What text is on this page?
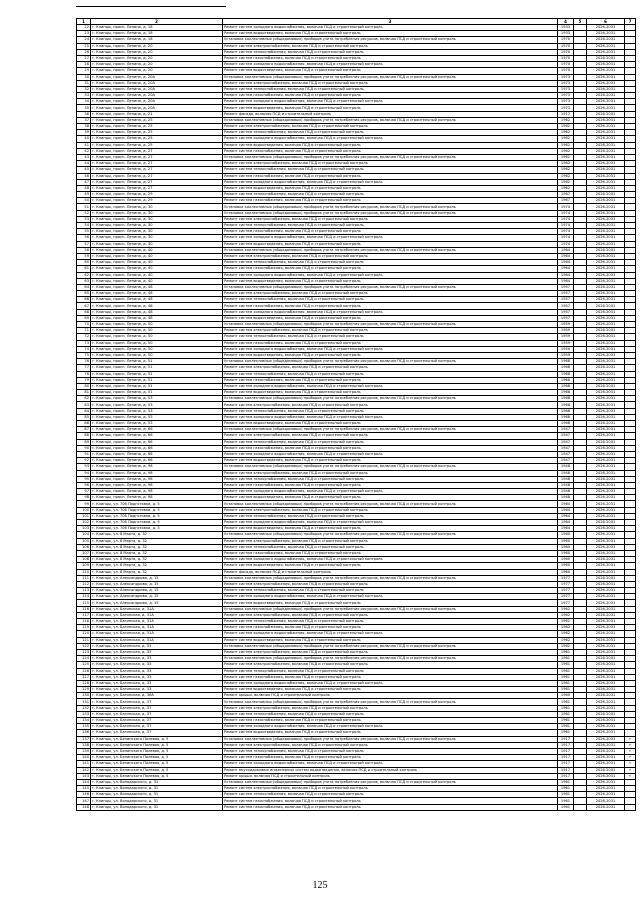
1	2	3	4	5	6	7
22	г. Клинцы, просп. Ленина, д. 18	Ремонт систем холодного водоснабжения, включая ПСД и строительный контроль	1933		2026-2031	
23	г. Клинцы, просп. Ленина, д. 18	Ремонт систем водоотведения, включая ПСД и строительный контроль	1933		2026-2031	
24	г. Клинцы, просп. Ленина, д. 18	Установка коллективных (общедомовых) приборов учета потребления ресурсов, включая ПСД и строительный контроль	1970		2026-2031	
25	г. Клинцы, просп. Ленина, д. 20	Ремонт систем электроснабжения, включая ПСД и строительный контроль	1970		2026-2031	
26	г. Клинцы, просп. Ленина, д. 20	Ремонт систем теплоснабжения, включая ПСД и строительный контроль	1970		2026-2031	
27	г. Клинцы, просп. Ленина, д. 20	Ремонт систем газоснабжения, включая ПСД и строительный контроль	1970		2026-2031	
28	г. Клинцы, просп. Ленина, д. 20	Ремонт систем холодного водоснабжения, включая ПСД и строительный контроль	1970		2026-2031	
29	г. Клинцы, просп. Ленина, д. 20	Ремонт систем водоотведения, включая ПСД и строительный контроль	1970		2026-2031	
30	г. Клинцы, просп. Ленина, д. 20А	Установка коллективных (общедомовых) приборов учета потребления ресурсов, включая ПСД и строительный контроль	1973		2026-2031	
31	г. Клинцы, просп. Ленина, д. 20А	Ремонт систем электроснабжения, включая ПСД и строительный контроль	1973		2026-2031	
32	г. Клинцы, просп. Ленина, д. 20А	Ремонт систем теплоснабжения, включая ПСД и строительный контроль	1973		2026-2031	
33	г. Клинцы, просп. Ленина, д. 20А	Ремонт систем газоснабжения, включая ПСД и строительный контроль	1973		2026-2031	
34	г. Клинцы, просп. Ленина, д. 20А	Ремонт систем холодного водоснабжения, включая ПСД и строительный контроль	1973		2026-2031	
35	г. Клинцы, просп. Ленина, д. 20А	Ремонт систем водоотведения, включая ПСД и строительный контроль	1973		2026-2031	
36	г. Клинцы, просп. Ленина, д. 21	Ремонт фасада, включая ПСД и строительный контроль	1917		2026-2031	
37	г. Клинцы, просп. Ленина, д. 25	Установка коллективных (общедомовых) приборов учета потребления ресурсов, включая ПСД и строительный контроль	1962		2026-2031	
38	г. Клинцы, просп. Ленина, д. 25	Ремонт систем электроснабжения, включая ПСД и строительный контроль	1962		2026-2031	
39	г. Клинцы, просп. Ленина, д. 25	Ремонт систем теплоснабжения, включая ПСД и строительный контроль	1962		2026-2031	
40	г. Клинцы, просп. Ленина, д. 25	Ремонт систем холодного водоснабжения, включая ПСД и строительный контроль	1962		2026-2031	
41	г. Клинцы, просп. Ленина, д. 25	Ремонт систем водоотведения, включая ПСД и строительный контроль	1962		2026-2031	
42	г. Клинцы, просп. Ленина, д. 27	Ремонт систем газоснабжения, включая ПСД и строительный контроль	1962		2026-2031	
43	г. Клинцы, просп. Ленина, д. 27	Установка коллективных (общедомовых) приборов учета потребления ресурсов, включая ПСД и строительный контроль	1962		2026-2031	
44	г. Клинцы, просп. Ленина, д. 27	Ремонт систем электроснабжения, включая ПСД и строительный контроль	1962		2026-2031	
45	г. Клинцы, просп. Ленина, д. 27	Ремонт систем теплоснабжения, включая ПСД и строительный контроль	1962		2026-2031	
46	г. Клинцы, просп. Ленина, д. 27	Ремонт систем газоснабжения, включая ПСД и строительный контроль	1962		2026-2031	
47	г. Клинцы, просп. Ленина, д. 27	Ремонт систем холодного водоснабжения, включая ПСД и строительный контроль	1962		2026-2031	
48	г. Клинцы, просп. Ленина, д. 27	Ремонт систем водоотведения, включая ПСД и строительный контроль	1962		2026-2031	
49	г. Клинцы, просп. Ленина, д. 29	Ремонт систем теплоснабжения, включая ПСД и строительный контроль	1967		2026-2031	
50	г. Клинцы, просп. Ленина, д. 29	Ремонт систем газоснабжения, включая ПСД и строительный контроль	1967		2026-2031	
51	г. Клинцы, просп. Ленина, д. 30	Установка коллективных (общедомовых) приборов учета потребления ресурсов, включая ПСД и строительный контроль	1974		2026-2031	
52	г. Клинцы, просп. Ленина, д. 30	Установка коллективных (общедомовых) приборов учета потребления ресурсов, включая ПСД и строительный контроль	1974		2026-2031	
53	г. Клинцы, просп. Ленина, д. 30	Ремонт систем электроснабжения, включая ПСД и строительный контроль	1974		2026-2031	
54	г. Клинцы, просп. Ленина, д. 30	Ремонт систем теплоснабжения, включая ПСД и строительный контроль	1974		2026-2031	
55	г. Клинцы, просп. Ленина, д. 30	Ремонт систем газоснабжения, включая ПСД и строительный контроль	1974		2026-2031	
56	г. Клинцы, просп. Ленина, д. 30	Ремонт систем холодного водоснабжения, включая ПСД и строительный контроль	1974		2026-2031	
57	г. Клинцы, просп. Ленина, д. 30	Ремонт систем водоотведения, включая ПСД и строительный контроль	1974		2026-2031	
58	г. Клинцы, просп. Ленина, д. 40	Установка коллективных (общедомовых) приборов учета потребления ресурсов, включая ПСД и строительный контроль	1964		2026-2031	
59	г. Клинцы, просп. Ленина, д. 40	Ремонт систем электроснабжения, включая ПСД и строительный контроль	1964		2026-2031	
60	г. Клинцы, просп. Ленина, д. 40	Ремонт систем теплоснабжения, включая ПСД и строительный контроль	1964		2026-2031	
61	г. Клинцы, просп. Ленина, д. 40	Ремонт систем газоснабжения, включая ПСД и строительный контроль	1964		2026-2031	
62	г. Клинцы, просп. Ленина, д. 40	Ремонт систем холодного водоснабжения, включая ПСД и строительный контроль	1964		2026-2031	
63	г. Клинцы, просп. Ленина, д. 40	Ремонт систем водоотведения, включая ПСД и строительный контроль	1964		2026-2031	
64	г. Клинцы, просп. Ленина, д. 48	Установка коллективных (общедомовых) приборов учета потребления ресурсов, включая ПСД и строительный контроль	1957		2026-2031	
65	г. Клинцы, просп. Ленина, д. 48	Ремонт систем электроснабжения, включая ПСД и строительный контроль	1957		2026-2031	
66	г. Клинцы, просп. Ленина, д. 48	Ремонт систем теплоснабжения, включая ПСД и строительный контроль	1957		2026-2031	
67	г. Клинцы, просп. Ленина, д. 48	Ремонт систем газоснабжения, включая ПСД и строительный контроль	1957		2026-2031	
68	г. Клинцы, просп. Ленина, д. 48	Ремонт систем холодного водоснабжения, включая ПСД и строительный контроль	1957		2026-2031	
69	г. Клинцы, просп. Ленина, д. 48	Ремонт систем водоотведения, включая ПСД и строительный контроль	1957		2026-2031	
70	г. Клинцы, просп. Ленина, д. 50	Установка коллективных (общедомовых) приборов учета потребления ресурсов, включая ПСД и строительный контроль	1959		2026-2031	
71	г. Клинцы, просп. Ленина, д. 50	Ремонт систем электроснабжения, включая ПСД и строительный контроль	1959		2026-2031	
72	г. Клинцы, просп. Ленина, д. 50	Ремонт систем теплоснабжения, включая ПСД и строительный контроль	1959		2026-2031	
73	г. Клинцы, просп. Ленина, д. 50	Ремонт систем газоснабжения, включая ПСД и строительный контроль	1959		2026-2031	
74	г. Клинцы, просп. Ленина, д. 50	Ремонт систем холодного водоснабжения, включая ПСД и строительный контроль	1959		2026-2031	
75	г. Клинцы, просп. Ленина, д. 50	Ремонт систем водоотведения, включая ПСД и строительный контроль	1959		2026-2031	
76	г. Клинцы, просп. Ленина, д. 51	Установка коллективных (общедомовых) приборов учета потребления ресурсов, включая ПСД и строительный контроль	1968		2026-2031	
77	г. Клинцы, просп. Ленина, д. 51	Ремонт систем электроснабжения, включая ПСД и строительный контроль	1968		2026-2031	
78	г. Клинцы, просп. Ленина, д. 51	Ремонт систем теплоснабжения, включая ПСД и строительный контроль	1968		2026-2031	
79	г. Клинцы, просп. Ленина, д. 51	Ремонт систем газоснабжения, включая ПСД и строительный контроль	1968		2026-2031	
80	г. Клинцы, просп. Ленина, д. 51	Ремонт систем холодного водоснабжения, включая ПСД и строительный контроль	1968		2026-2031	
81	г. Клинцы, просп. Ленина, д. 51	Ремонт систем водоотведения, включая ПСД и строительный контроль	1968		2026-2031	
82	г. Клинцы, просп. Ленина, д. 53	Установка коллективных (общедомовых) приборов учета потребления ресурсов, включая ПСД и строительный контроль	1968		2026-2031	
83	г. Клинцы, просп. Ленина, д. 53	Ремонт систем электроснабжения, включая ПСД и строительный контроль	1968		2026-2031	
84	г. Клинцы, просп. Ленина, д. 53	Ремонт систем теплоснабжения, включая ПСД и строительный контроль	1968		2026-2031	
85	г. Клинцы, просп. Ленина, д. 53	Ремонт систем холодного водоснабжения, включая ПСД и строительный контроль	1968		2026-2031	
86	г. Клинцы, просп. Ленина, д. 53	Ремонт систем водоотведения, включая ПСД и строительный контроль	1968		2026-2031	
87	г. Клинцы, просп. Ленина, д. 66	Установка коллективных (общедомовых) приборов учета потребления ресурсов, включая ПСД и строительный контроль	1947		2026-2031	
88	г. Клинцы, просп. Ленина, д. 66	Ремонт систем электроснабжения, включая ПСД и строительный контроль	1947		2026-2031	
89	г. Клинцы, просп. Ленина, д. 66	Ремонт систем теплоснабжения, включая ПСД и строительный контроль	1947		2026-2031	
90	г. Клинцы, просп. Ленина, д. 66	Ремонт систем газоснабжения, включая ПСД и строительный контроль	1947		2026-2031	
91	г. Клинцы, просп. Ленина, д. 66	Ремонт систем холодного водоснабжения, включая ПСД и строительный контроль	1947		2026-2031	
92	г. Клинцы, просп. Ленина, д. 66	Ремонт систем водоотведения, включая ПСД и строительный контроль	1947		2026-2031	
93	г. Клинцы, просп. Ленина, д. 98	Установка коллективных (общедомовых) приборов учета потребления ресурсов, включая ПСД и строительный контроль	1948		2026-2031	
94	г. Клинцы, просп. Ленина, д. 98	Ремонт систем электроснабжения, включая ПСД и строительный контроль	1948		2026-2031	
95	г. Клинцы, просп. Ленина, д. 98	Ремонт систем теплоснабжения, включая ПСД и строительный контроль	1948		2026-2031	
96	г. Клинцы, просп. Ленина, д. 98	Ремонт систем газоснабжения, включая ПСД и строительный контроль	1948		2026-2031	
97	г. Клинцы, просп. Ленина, д. 98	Ремонт систем холодного водоснабжения, включая ПСД и строительный контроль	1948		2026-2031	
98	г. Клинцы, просп. Ленина, д. 98	Ремонт систем водоотведения, включая ПСД и строительный контроль	1948		2026-2031	
99	г. Клинцы, ул. 706 Подготовки, д. 5	Установка коллективных (общедомовых) приборов учета потребления ресурсов, включая ПСД и строительный контроль	1964		2026-2031	
100	г. Клинцы, ул. 706 Подготовки, д. 5	Ремонт систем электроснабжения, включая ПСД и строительный контроль	1964		2026-2031	
101	г. Клинцы, ул. 706 Подготовки, д. 5	Ремонт систем теплоснабжения, включая ПСД и строительный контроль	1964		2026-2031	
102	г. Клинцы, ул. 706 Подготовки, д. 5	Ремонт систем холодного водоснабжения, включая ПСД и строительный контроль	1964		2026-2031	
103	г. Клинцы, ул. 706 Подготовки, д. 5	Ремонт систем водоотведения, включая ПСД и строительный контроль	1964		2026-2031	
104	г. Клинцы, ул. 8 Марта, д. 32	Установка коллективных (общедомовых) приборов учета потребления ресурсов, включая ПСД и строительный контроль	1960		2026-2031	
105	г. Клинцы, ул. 8 Марта, д. 32	Ремонт систем электроснабжения, включая ПСД и строительный контроль	1960		2026-2031	
106	г. Клинцы, ул. 8 Марта, д. 32	Ремонт систем теплоснабжения, включая ПСД и строительный контроль	1960		2026-2031	
107	г. Клинцы, ул. 8 Марта, д. 32	Ремонт систем газоснабжения, включая ПСД и строительный контроль	1960		2026-2031	
108	г. Клинцы, ул. 8 Марта, д. 32	Ремонт систем холодного водоснабжения, включая ПСД и строительный контроль	1960		2026-2031	
109	г. Клинцы, ул. 8 Марта, д. 32	Ремонт систем водоотведения, включая ПСД и строительный контроль	1960		2026-2031	
110	г. Клинцы, ул. 8 Марта, д. 32	Ремонт фасада, включая ПСД и строительный контроль	1960		2026-2031	
111	г. Клинцы, ул. Александрова, д. 15	Установка коллективных (общедомовых) приборов учета потребления ресурсов, включая ПСД и строительный контроль	1977		2026-2031	
112	г. Клинцы, ул. Александрова, д. 15	Ремонт систем электроснабжения, включая ПСД и строительный контроль	1977		2026-2031	
113	г. Клинцы, ул. Александрова, д. 15	Ремонт систем теплоснабжения, включая ПСД и строительный контроль	1977		2026-2031	
114	г. Клинцы, ул. Александрова, д. 15	Ремонт систем холодного водоснабжения, включая ПСД и строительный контроль	1977		2026-2031	
115	г. Клинцы, ул. Александрова, д. 15	Ремонт систем водоотведения, включая ПСД и строительный контроль	1977		2026-2031	
116	г. Клинцы, ул. Багинская, д. 31А	Установка коллективных (общедомовых) приборов учета потребления ресурсов, включая ПСД и строительный контроль	1962		2026-2031	
117	г. Клинцы, ул. Багинская, д. 31А	Ремонт систем электроснабжения, включая ПСД и строительный контроль	1962		2026-2031	
118	г. Клинцы, ул. Багинская, д. 31А	Ремонт систем теплоснабжения, включая ПСД и строительный контроль	1962		2026-2031	
119	г. Клинцы, ул. Багинская, д. 31А	Ремонт систем газоснабжения, включая ПСД и строительный контроль	1962		2026-2031	
120	г. Клинцы, ул. Багинская, д. 31А	Ремонт систем холодного водоснабжения, включая ПСД и строительный контроль	1962		2026-2031	
121	г. Клинцы, ул. Багинская, д. 31А	Ремонт систем водоотведения, включая ПСД и строительный контроль	1962		2026-2031	
122	г. Клинцы, ул. Багинская, д. 33	Установка коллективных (общедомовых) приборов учета потребления ресурсов, включая ПСД и строительный контроль	1962		2026-2031	
123	г. Клинцы, ул. Багинская, д. 33	Ремонт систем электроснабжения, включая ПСД и строительный контроль	1961		2026-2031	
124	г. Клинцы, ул. Багинская, д. 33	Установка коллективных (общедомовых) приборов учета потребления ресурсов, включая ПСД и строительный контроль	1961		2026-2031	
125	г. Клинцы, ул. Багинская, д. 33	Ремонт систем электроснабжения, включая ПСД и строительный контроль	1961		2026-2031	
126	г. Клинцы, ул. Багинская, д. 33	Ремонт систем теплоснабжения, включая ПСД и строительный контроль	1961		2026-2031	
127	г. Клинцы, ул. Багинская, д. 33	Ремонт систем газоснабжения, включая ПСД и строительный контроль	1961		2026-2031	
128	г. Клинцы, ул. Багинская, д. 33	Ремонт систем холодного водоснабжения, включая ПСД и строительный контроль	1961		2026-2031	
129	г. Клинцы, ул. Багинская, д. 33	Ремонт систем водоотведения, включая ПСД и строительный контроль	1961		2026-2031	
130	г. Клинцы, ул. Багинская, д. 36А	Ремонт крыши, включая ПСД и строительный контроль	1960		2026-2031	
131	г. Клинцы, ул. Багинская, д. 37	Установка коллективных (общедомовых) приборов учета потребления ресурсов, включая ПСД и строительный контроль	1961		2026-2031	
132	г. Клинцы, ул. Багинская, д. 37	Ремонт систем электроснабжения, включая ПСД и строительный контроль	1961		2026-2031	
133	г. Клинцы, ул. Багинская, д. 37	Ремонт систем теплоснабжения, включая ПСД и строительный контроль	1961		2026-2031	
134	г. Клинцы, ул. Багинская, д. 37	Ремонт систем газоснабжения, включая ПСД и строительный контроль	1961		2026-2031	
135	г. Клинцы, ул. Багинская, д. 37	Ремонт систем холодного водоснабжения, включая ПСД и строительный контроль	1961		2026-2031	
136	г. Клинцы, ул. Багинская, д. 37	Ремонт систем водоотведения, включая ПСД и строительный контроль	1961		2026-2031	
137	г. Клинцы, ул. Белинского Полевая, д. 5	Установка коллективных (общедомовых) приборов учета потребления ресурсов, включая ПСД и строительный контроль	1917		2026-2031	+
138	г. Клинцы, ул. Белинского Полевая, д. 5	Ремонт систем электроснабжения, включая ПСД и строительный контроль	1917		2026-2031	+
139	г. Клинцы, ул. Белинского Полевая, д. 5	Ремонт систем теплоснабжения, включая ПСД и строительный контроль	1917		2026-2031	+
140	г. Клинцы, ул. Белинского Полевая, д. 5	Ремонт систем газоснабжения, включая ПСД и строительный контроль	1917		2026-2031	+
141	г. Клинцы, ул. Белинского Полевая, д. 5	Ремонт систем холодного водоснабжения, включая ПСД и строительный контроль	1917		2026-2031	+
142	г. Клинцы, ул. Белинского Полевая, д. 5	Ремонт внутридомовых инженерных систем водоотведения, включая ПСД и строительный контроль	1917		2026-2031	+
143	г. Клинцы, ул. Белинского Полевая, д. 5	Ремонт крыши, включая ПСД и строительный контроль	1917		2026-2031	+
144	г. Клинцы, ул. Володарского, д. 31	Установка коллективных (общедомовых) приборов учета потребления ресурсов, включая ПСД и строительный контроль	1961		2026-2031	
145	г. Клинцы, ул. Володарского, д. 31	Ремонт систем электроснабжения, включая ПСД и строительный контроль	1961		2026-2031	
146	г. Клинцы, ул. Володарского, д. 31	Ремонт систем теплоснабжения, включая ПСД и строительный контроль	1961		2026-2031	
147	г. Клинцы, ул. Володарского, д. 31	Ремонт систем газоснабжения, включая ПСД и строительный контроль	1961		2026-2031	
148	г. Клинцы, ул. Володарского, д. 31	Ремонт систем газоснабжения, включая ПСД и строительный контроль	1961		2026-2031	
125
